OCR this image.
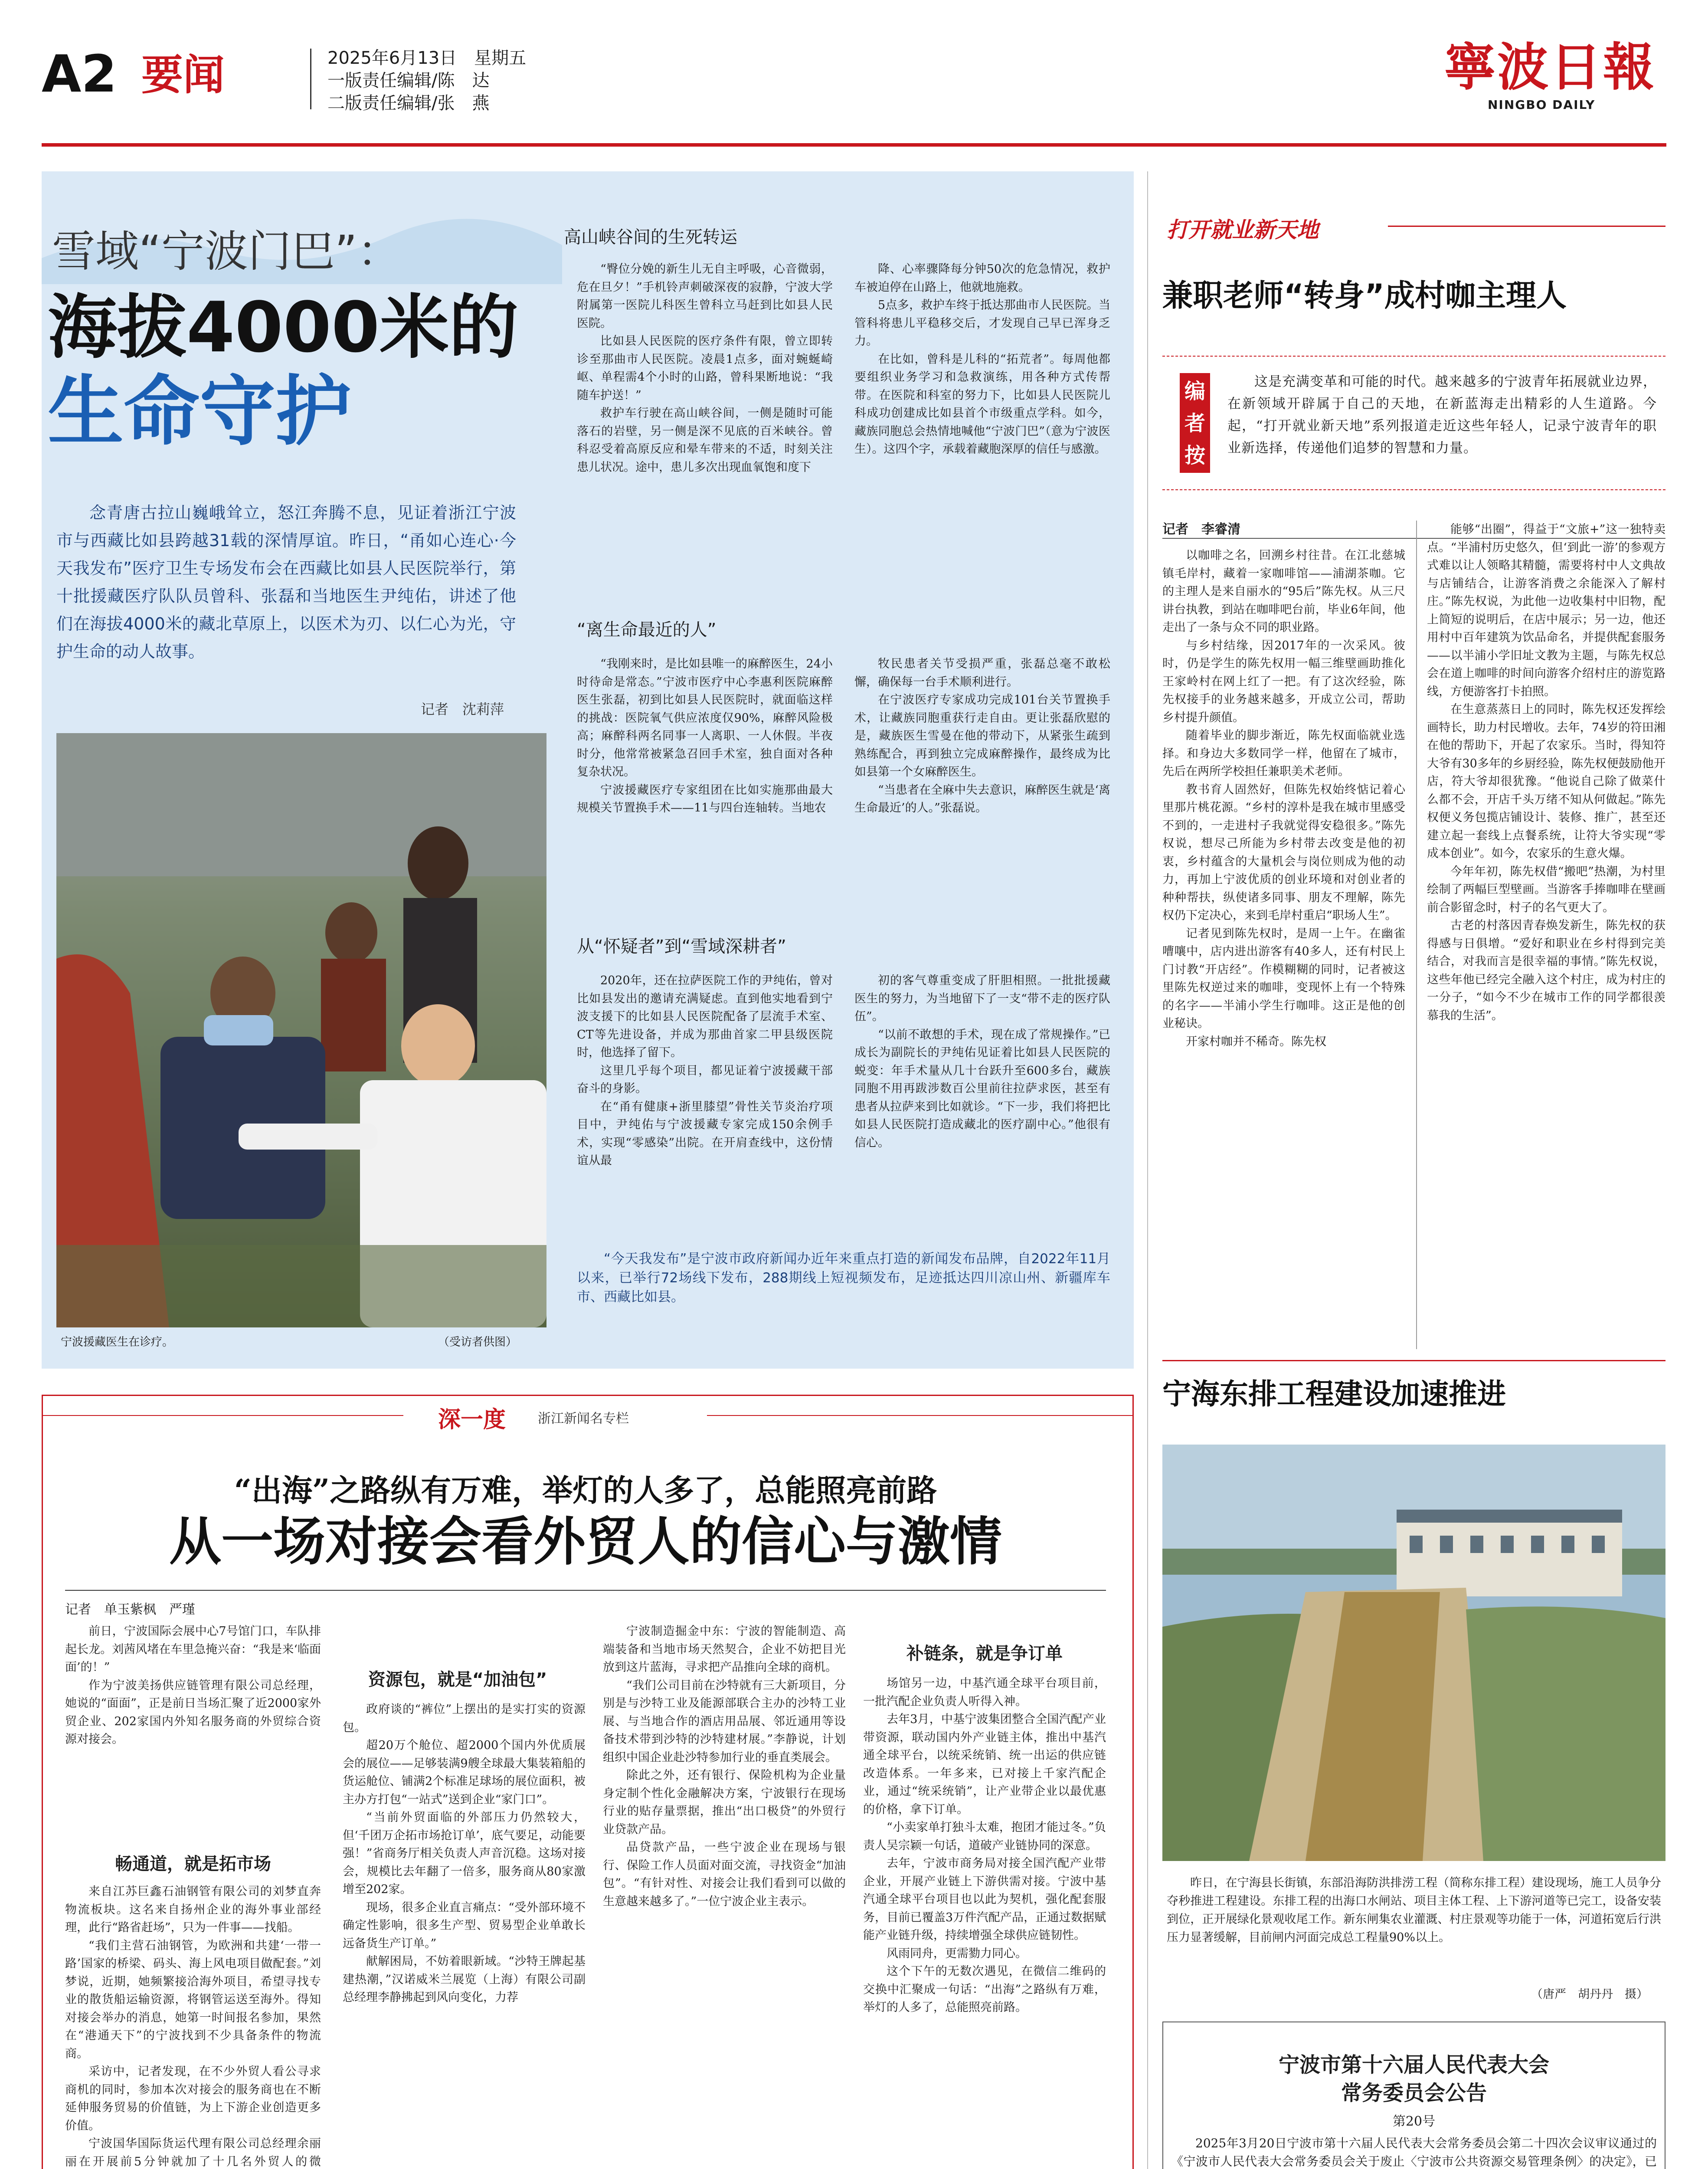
A2 要闻	2025年6月13日　 星期五
一版责任编辑/陈　达
二版责任编辑/张　燕
寧波日報
NINGBO DAILY
雪域“宁波门巴”：
海拔4000米的
生命守护
念青唐古拉山巍峨耸立，怒江奔腾不息，见证着浙江宁波市与西藏比如县跨越31载的深情厚谊。昨日，“甬如心连心·今天我发布”医疗卫生专场发布会在西藏比如县人民医院举行，第十批援藏医疗队队员曾科、张磊和当地医生尹纯佑，讲述了他们在海拔4000米的藏北草原上，以医术为刃、以仁心为光，守护生命的动人故事。
记者　沈莉萍
宁波援藏医生在诊疗。	（受访者供图）
高山峡谷间的生死转运

“臀位分娩的新生儿无自主呼吸，心音微弱，危在旦夕！”手机铃声刺破深夜的寂静，宁波大学附属第一医院儿科医生曾科立马赶到比如县人民医院。

比如县人民医院的医疗条件有限，曾立即转诊至那曲市人民医院。凌晨1点多，面对蜿蜒崎岖、单程需4个小时的山路，曾科果断地说：“我随车护送！”

救护车行驶在高山峡谷间，一侧是随时可能落石的岩壁，另一侧是深不见底的百米峡谷。曾科忍受着高原反应和晕车带来的不适，时刻关注患儿状况。途中，患儿多次出现血氧饱和度下

降、心率骤降每分钟50次的危急情况，救护车被迫停在山路上，他就地施救。

5点多，救护车终于抵达那曲市人民医院。当管科将患儿平稳移交后，才发现自己早已浑身乏力。

在比如，曾科是儿科的“拓荒者”。每周他都要组织业务学习和急救演练，用各种方式传帮带。在医院和科室的努力下，比如县人民医院儿科成功创建成比如县首个市级重点学科。如今，藏族同胞总会热情地喊他“宁波门巴”（意为宁波医生）。这四个字，承载着藏胞深厚的信任与感激。

“离生命最近的人”

“我刚来时，是比如县唯一的麻醉医生，24小时待命是常态。”宁波市医疗中心李惠利医院麻醉医生张磊，初到比如县人民医院时，就面临这样的挑战：医院氧气供应浓度仅90%，麻醉风险极高；麻醉科两名同事一人离职、一人休假。半夜时分，他常常被紧急召回手术室，独自面对各种复杂状况。

宁波援藏医疗专家组团在比如实施那曲最大规模关节置换手术——11与四台连轴转。当地农

牧民患者关节受损严重，张磊总毫不敢松懈，确保每一台手术顺利进行。

在宁波医疗专家成功完成101台关节置换手术，让藏族同胞重获行走自由。更让张磊欣慰的是，藏族医生雪曼在他的带动下，从紧张生疏到熟练配合，再到独立完成麻醉操作，最终成为比如县第一个女麻醉医生。

“当患者在全麻中失去意识，麻醉医生就是‘离生命最近’的人。”张磊说。

从“怀疑者”到“雪域深耕者”

2020年，还在拉萨医院工作的尹纯佑，曾对比如县发出的邀请充满疑虑。直到他实地看到宁波支援下的比如县人民医院配备了层流手术室、CT等先进设备，并成为那曲首家二甲县级医院时，他选择了留下。

这里几乎每个项目，都见证着宁波援藏干部奋斗的身影。

在“甬有健康+浙里膝望”骨性关节炎治疗项目中，尹纯佑与宁波援藏专家完成150余例手术，实现“零感染”出院。在开肩查线中，这份情谊从最

初的客气尊重变成了肝胆相照。一批批援藏医生的努力，为当地留下了一支“带不走的医疗队伍”。

“以前不敢想的手术，现在成了常规操作。”已成长为副院长的尹纯佑见证着比如县人民医院的蜕变：年手术量从几十台跃升至600多台，藏族同胞不用再跋涉数百公里前往拉萨求医，甚至有患者从拉萨来到比如就诊。“下一步，我们将把比如县人民医院打造成藏北的医疗副中心。”他很有信心。

“今天我发布”是宁波市政府新闻办近年来重点打造的新闻发布品牌，自2022年11月以来，已举行72场线下发布，288期线上短视频发布，足迹抵达四川凉山州、新疆库车市、西藏比如县。
深一度 浙江新闻名专栏
“出海”之路纵有万难，举灯的人多了，总能照亮前路
从一场对接会看外贸人的信心与激情
记者　单玉紫枫　严瑾

前日，宁波国际会展中心7号馆门口，车队排起长龙。刘茜风堵在车里急掩兴奋：“我是来‘临面面’的！”

作为宁波美扬供应链管理有限公司总经理，她说的“面面”，正是前日当场汇聚了近2000家外贸企业、202家国内外知名服务商的外贸综合资源对接会。

畅通道，就是拓市场

来自江苏巨鑫石油钢管有限公司的刘梦直奔物流板块。这名来自扬州企业的海外事业部经理，此行“路省赶场”，只为一件事——找船。

“我们主营石油钢管，为欧洲和共建‘一带一路’国家的桥梁、码头、海上风电项目做配套。”刘梦说，近期，她频繁接洽海外项目，希望寻找专业的散货船运输资源，将钢管运送至海外。得知对接会举办的消息，她第一时间报名参加，果然在“港通天下”的宁波找到不少具备条件的物流商。

采访中，记者发现，在不少外贸人看公寻求商机的同时，参加本次对接会的服务商也在不断延伸服务贸易的价值链，为上下游企业创造更多价值。

宁波国华国际货运代理有限公司总经理余丽丽在开展前5分钟就加了十几名外贸人的微

资源包，就是“加油包”

政府谈的“裤位”上摆出的是实打实的资源包。

超20万个舱位、超2000个国内外优质展会的展位——足够装满9艘全球最大集装箱船的货运舱位、铺满2个标准足球场的展位面积，被主办方打包“一站式”送到企业“家门口”。

“当前外贸面临的外部压力仍然较大，但‘千团万企拓市场抢订单’，底气要足，动能要强！”省商务厅相关负责人声音沉稳。这场对接会，规模比去年翻了一倍多，服务商从80家激增至202家。

现场，很多企业直言痛点：“受外部环境不确定性影响，很多生产型、贸易型企业单敢长远备货生产订单。”

献解困局，不妨着眼新域。“沙特王牌起基建热潮，”汉诺威米兰展览（上海）有限公司副总经理李静拂起到风向变化，力荐

宁波制造掘金中东：宁波的智能制造、高端装备和当地市场天然契合，企业不妨把目光放到这片蓝海，寻求把产品推向全球的商机。

“我们公司目前在沙特就有三大新项目，分别是与沙特工业及能源部联合主办的沙特工业展、与当地合作的酒店用品展、邻近通用等设备技术带到沙特的沙特建材展。”李静说，计划组织中国企业赴沙特参加行业的垂直类展会。

除此之外，还有银行、保险机构为企业量身定制个性化金融解决方案，宁波银行在现场行业的贴存量票据，推出“出口极贷”的外贸行业贷款产品。

品贷款产品，一些宁波企业在现场与银行、保险工作人员面对面交流，寻找资金“加油包”。“有针对性、对接会让我们看到可以做的生意越来越多了。”一位宁波企业主表示。

补链条，就是争订单

场馆另一边，中基汽通全球平台项目前，一批汽配企业负责人听得入神。

去年3月，中基宁波集团整合全国汽配产业带资源，联动国内外产业链主体，推出中基汽通全球平台，以统采统销、统一出运的供应链改造体系。一年多来，已对接上千家汽配企业，通过“统采统销”，让产业带企业以最优惠的价格，拿下订单。

“小卖家单打独斗太难，抱团才能过冬。”负责人吴宗颖一句话，道破产业链协同的深意。

去年，宁波市商务局对接全国汽配产业带企业，开展产业链上下游供需对接。宁波中基汽通全球平台项目也以此为契机，强化配套服务，目前已覆盖3万件汽配产品，正通过数据赋能产业链升级，持续增强全球供应链韧性。

风雨同舟，更需勠力同心。

这个下午的无数次遇见，在微信二维码的交换中汇聚成一句话：“出海”之路纵有万难，举灯的人多了，总能照亮前路。

打开就业新天地
兼职老师“转身”成村咖主理人
编者按
这是充满变革和可能的时代。越来越多的宁波青年拓展就业边界，在新领域开辟属于自己的天地，在新蓝海走出精彩的人生道路。今起，“打开就业新天地”系列报道走近这些年轻人，记录宁波青年的职业新选择，传递他们追梦的智慧和力量。
记者　李睿清

以咖啡之名，回溯乡村往昔。在江北慈城镇毛岸村，藏着一家咖啡馆——浦湖茶咖。它的主理人是来自丽水的“95后”陈先权。从三尺讲台执教，到站在咖啡吧台前，毕业6年间，他走出了一条与众不同的职业路。

与乡村结缘，因2017年的一次采风。彼时，仍是学生的陈先权用一幅三维壁画助推化王家岭村在网上红了一把。有了这次经验，陈先权接手的业务越来越多，开成立公司，帮助乡村提升颜值。

随着毕业的脚步渐近，陈先权面临就业选择。和身边大多数同学一样，他留在了城市，先后在两所学校担任兼职美术老师。

教书育人固然好，但陈先权始终惦记着心里那片桃花源。“乡村的淳朴是我在城市里感受不到的，一走进村子我就觉得安稳很多。”陈先权说，想尽己所能为乡村带去改变是他的初衷，乡村蕴含的大量机会与岗位则成为他的动力，再加上宁波优质的创业环境和对创业者的种种帮扶，纵使诸多同事、朋友不理解，陈先权仍下定决心，来到毛岸村重启“职场人生”。

记者见到陈先权时，是周一上午。在幽雀嘈嚷中，店内进出游客有40多人，还有村民上门讨教“开店经”。作模糊糊的同时，记者被这里陈先权逆过来的咖啡，变现怀上有一个特殊的名字——半浦小学生行咖啡。这正是他的创业秘诀。

开家村咖并不稀奇。陈先权

能够“出圈”，得益于“文旅+”这一独特卖点。“半浦村历史悠久，但‘到此一游’的参观方式难以让人领略其精髓，需要将村中人文典故与店铺结合，让游客消费之余能深入了解村庄。”陈先权说，为此他一边收集村中旧物，配上简短的说明后，在店中展示；另一边，他还用村中百年建筑为饮品命名，并提供配套服务——以半浦小学旧址文教为主题，与陈先权总会在道上咖啡的时间向游客介绍村庄的游览路线，方便游客打卡拍照。

在生意蒸蒸日上的同时，陈先权还发挥绘画特长，助力村民增收。去年，74岁的符田湘在他的帮助下，开起了农家乐。当时，得知符大爷有30多年的乡厨经验，陈先权便鼓励他开店，符大爷却很犹豫。“他说自己除了做菜什么都不会，开店千头万绪不知从何做起。”陈先权便义务包揽店铺设计、装修、推广，甚至还建立起一套线上点餐系统，让符大爷实现“零成本创业”。如今，农家乐的生意火爆。

今年年初，陈先权借“搬吧”热潮，为村里绘制了两幅巨型壁画。当游客手捧咖啡在壁画前合影留念时，村子的名气更大了。

古老的村落因青春焕发新生，陈先权的获得感与日俱增。“爱好和职业在乡村得到完美结合，对我而言是很幸福的事情。”陈先权说，这些年他已经完全融入这个村庄，成为村庄的一分子，“如今不少在城市工作的同学都很羡慕我的生活”。

宁海东排工程建设加速推进
昨日，在宁海县长街镇，东部沿海防洪排涝工程（简称东排工程）建设现场，施工人员争分夺秒推进工程建设。东排工程的出海口水闸站、项目主体工程、上下游河道等已完工，设备安装到位，正开展绿化景观收尾工作。新东闸集农业灌溉、村庄景观等功能于一体，河道拓宽后行洪压力显著缓解，目前闸内河面完成总工程量90%以上。
（唐严　胡丹丹　摄）
宁波市第十六届人民代表大会
常务委员会公告
第20号
2025年3月20日宁波市第十六届人民代表大会常务委员会第二十四次会议审议通过的《宁波市人民代表大会常务委员会关于废止〈宁波市公共资源交易管理条例〉的决定》，已
